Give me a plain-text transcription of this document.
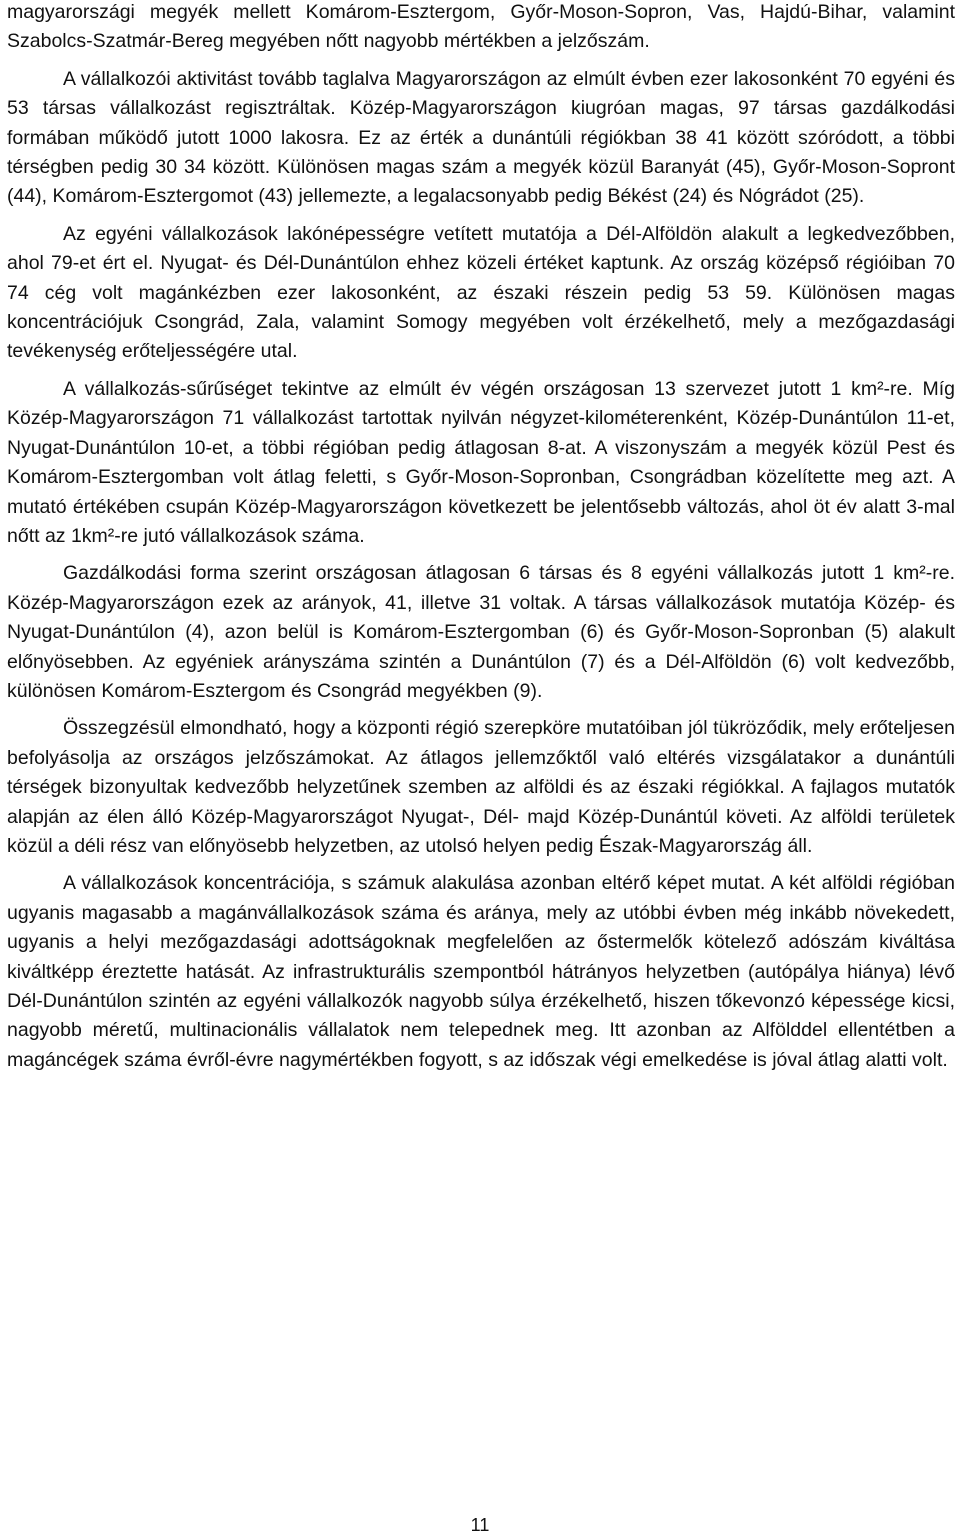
magyarországi megyék mellett Komárom-Esztergom, Győr-Moson-Sopron, Vas, Hajdú-Bihar, valamint Szabolcs-Szatmár-Bereg megyében nőtt nagyobb mértékben a jelzőszám.

A vállalkozói aktivitást tovább taglalva Magyarországon az elmúlt évben ezer lakosonként 70 egyéni és 53 társas vállalkozást regisztráltak. Közép-Magyarországon kiugróan magas, 97 társas gazdálkodási formában működő jutott 1000 lakosra. Ez az érték a dunántúli régiókban 38 41 között szóródott, a többi térségben pedig 30 34 között. Különösen magas szám a megyék közül Baranyát (45), Győr-Moson-Sopront (44), Komárom-Esztergomot (43) jellemezte, a legalacsonyabb pedig Békést (24) és Nógrádot (25).

Az egyéni vállalkozások lakónépességre vetített mutatója a Dél-Alföldön alakult a legkedvezőbben, ahol 79-et ért el. Nyugat- és Dél-Dunántúlon ehhez közeli értéket kaptunk. Az ország középső régióiban 70 74 cég volt magánkézben ezer lakosonként, az északi részein pedig 53 59. Különösen magas koncentrációjuk Csongrád, Zala, valamint Somogy megyében volt érzékelhető, mely a mezőgazdasági tevékenység erőteljességére utal.

A vállalkozás-sűrűséget tekintve az elmúlt év végén országosan 13 szervezet jutott 1 km²-re. Míg Közép-Magyarországon 71 vállalkozást tartottak nyilván négyzet-kilométerenként, Közép-Dunántúlon 11-et, Nyugat-Dunántúlon 10-et, a többi régióban pedig átlagosan 8-at. A viszonyszám a megyék közül Pest és Komárom-Esztergomban volt átlag feletti, s Győr-Moson-Sopronban, Csongrádban közelítette meg azt. A mutató értékében csupán Közép-Magyarországon következett be jelentősebb változás, ahol öt év alatt 3-mal nőtt az 1km²-re jutó vállalkozások száma.

Gazdálkodási forma szerint országosan átlagosan 6 társas és 8 egyéni vállalkozás jutott 1 km²-re. Közép-Magyarországon ezek az arányok, 41, illetve 31 voltak. A társas vállalkozások mutatója Közép- és Nyugat-Dunántúlon (4), azon belül is Komárom-Esztergomban (6) és Győr-Moson-Sopronban (5) alakult előnyösebben. Az egyéniek arányszáma szintén a Dunántúlon (7) és a Dél-Alföldön (6) volt kedvezőbb, különösen Komárom-Esztergom és Csongrád megyékben (9).

Összegzésül elmondható, hogy a központi régió szerepköre mutatóiban jól tükröződik, mely erőteljesen befolyásolja az országos jelzőszámokat. Az átlagos jellemzőktől való eltérés vizsgálatakor a dunántúli térségek bizonyultak kedvezőbb helyzetűnek szemben az alföldi és az északi régiókkal. A fajlagos mutatók alapján az élen álló Közép-Magyarországot Nyugat-, Dél- majd Közép-Dunántúl követi. Az alföldi területek közül a déli rész van előnyösebb helyzetben, az utolsó helyen pedig Észak-Magyarország áll.

A vállalkozások koncentrációja, s számuk alakulása azonban eltérő képet mutat. A két alföldi régióban ugyanis magasabb a magánvállalkozások száma és aránya, mely az utóbbi évben még inkább növekedett, ugyanis a helyi mezőgazdasági adottságoknak megfelelően az őstermelők kötelező adószám kiváltása kiváltképp éreztette hatását. Az infrastrukturális szempontból hátrányos helyzetben (autópálya hiánya) lévő Dél-Dunántúlon szintén az egyéni vállalkozók nagyobb súlya érzékelhető, hiszen tőkevonzó képessége kicsi, nagyobb méretű, multinacionális vállalatok nem telepednek meg. Itt azonban az Alfölddel ellentétben a magáncégek száma évről-évre nagymértékben fogyott, s az időszak végi emelkedése is jóval átlag alatti volt.

11
